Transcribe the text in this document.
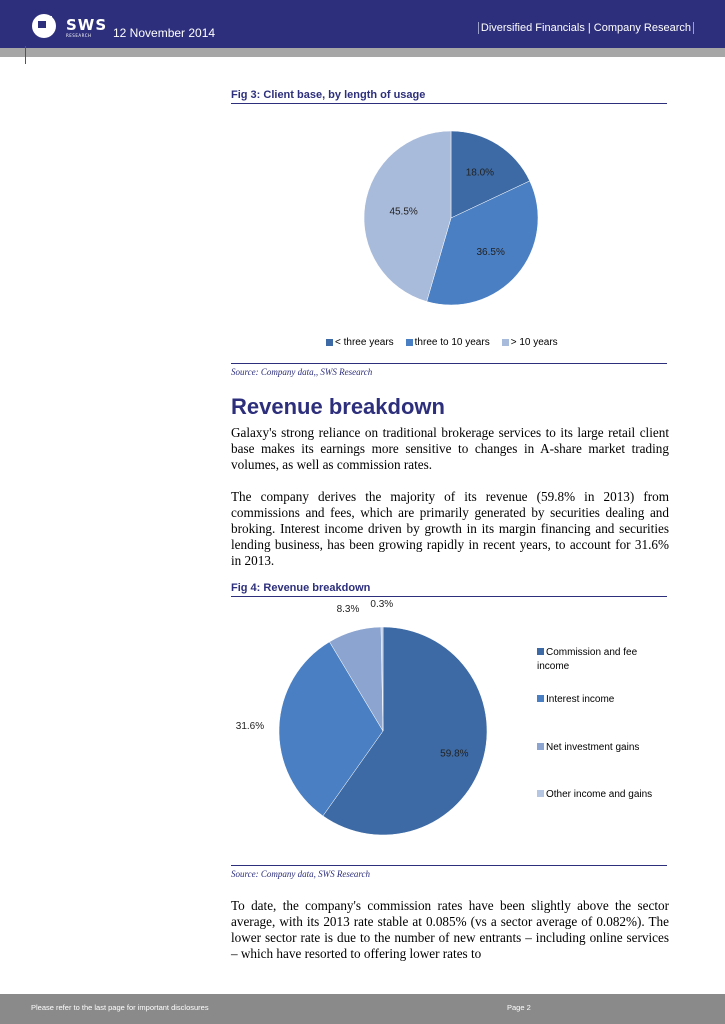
SWS
RESEARCH 12 November 2014	Diversified Financials | Company Research
Fig 3: Client base, by length of usage
18.0%
36.5%
45.5%
59.8%
31.6%
8.3% 0.3%
< three years three to 10 years > 10 years
Source: Company data,, SWS Research
Revenue breakdown
Galaxy's strong reliance on traditional brokerage services to its large retail client base makes its earnings more sensitive to changes in A-share market trading volumes, as well as commission rates.
The company derives the majority of its revenue (59.8% in 2013) from commissions and fees, which are primarily generated by securities dealing and broking. Interest income driven by growth in its margin financing and securities lending business, has been growing rapidly in recent years, to account for 31.6% in 2013.
Fig 4: Revenue breakdown
Commission and fee income
Interest income
Net investment gains
Other income and gains
Source: Company data, SWS Research
To date, the company's commission rates have been slightly above the sector average, with its 2013 rate stable at 0.085% (vs a sector average of 0.082%). The lower sector rate is due to the number of new entrants – including online services – which have resorted to offering lower rates to
Please refer to the last page for important disclosures	Page 2
